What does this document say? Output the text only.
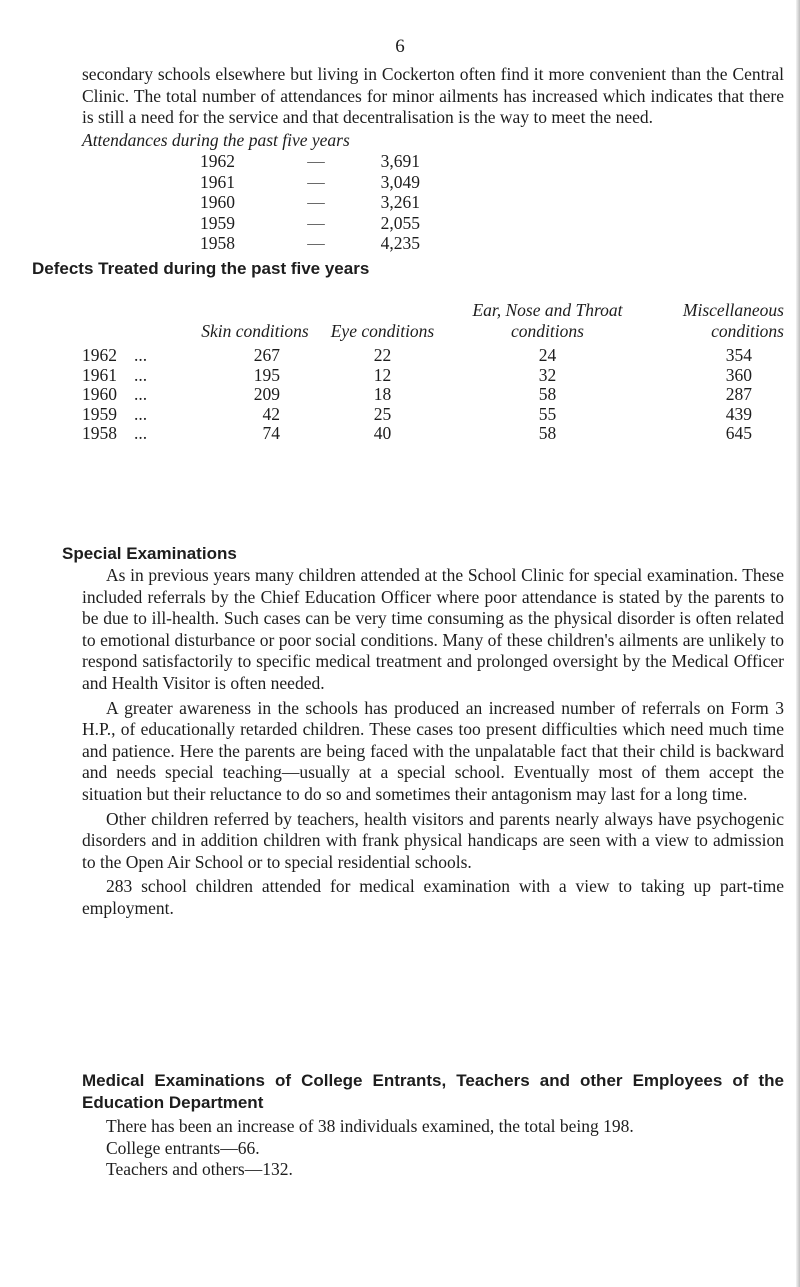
6

secondary schools elsewhere but living in Cockerton often find it more convenient than the Central Clinic. The total number of attendances for minor ailments has increased which indicates that there is still a need for the service and that decentralisation is the way to meet the need.

Attendances during the past five years
1962	—	3,691
1961	—	3,049
1960	—	3,261
1959	—	2,055
1958	—	4,235
Defects Treated during the past five years
		Skin conditions	Eye conditions	Ear, Nose and Throat conditions	Miscellaneous conditions
1962	...	267	22	24	354
1961	...	195	12	32	360
1960	...	209	18	58	287
1959	...	42	25	55	439
1958	...	74	40	58	645
Special Examinations

As in previous years many children attended at the School Clinic for special examination. These included referrals by the Chief Education Officer where poor attendance is stated by the parents to be due to ill-health. Such cases can be very time consuming as the physical disorder is often related to emotional disturbance or poor social conditions. Many of these children's ailments are unlikely to respond satisfactorily to specific medical treatment and prolonged oversight by the Medical Officer and Health Visitor is often needed.

A greater awareness in the schools has produced an increased number of referrals on Form 3 H.P., of educationally retarded children. These cases too present difficulties which need much time and patience. Here the parents are being faced with the unpalatable fact that their child is backward and needs special teaching—usually at a special school. Eventually most of them accept the situation but their reluctance to do so and sometimes their antagonism may last for a long time.

Other children referred by teachers, health visitors and parents nearly always have psychogenic disorders and in addition children with frank physical handicaps are seen with a view to admission to the Open Air School or to special residential schools.

283 school children attended for medical examination with a view to taking up part-time employment.

Medical Examinations of College Entrants, Teachers and other Employees of the Education Department

There has been an increase of 38 individuals examined, the total being 198.

College entrants—66.

Teachers and others—132.
